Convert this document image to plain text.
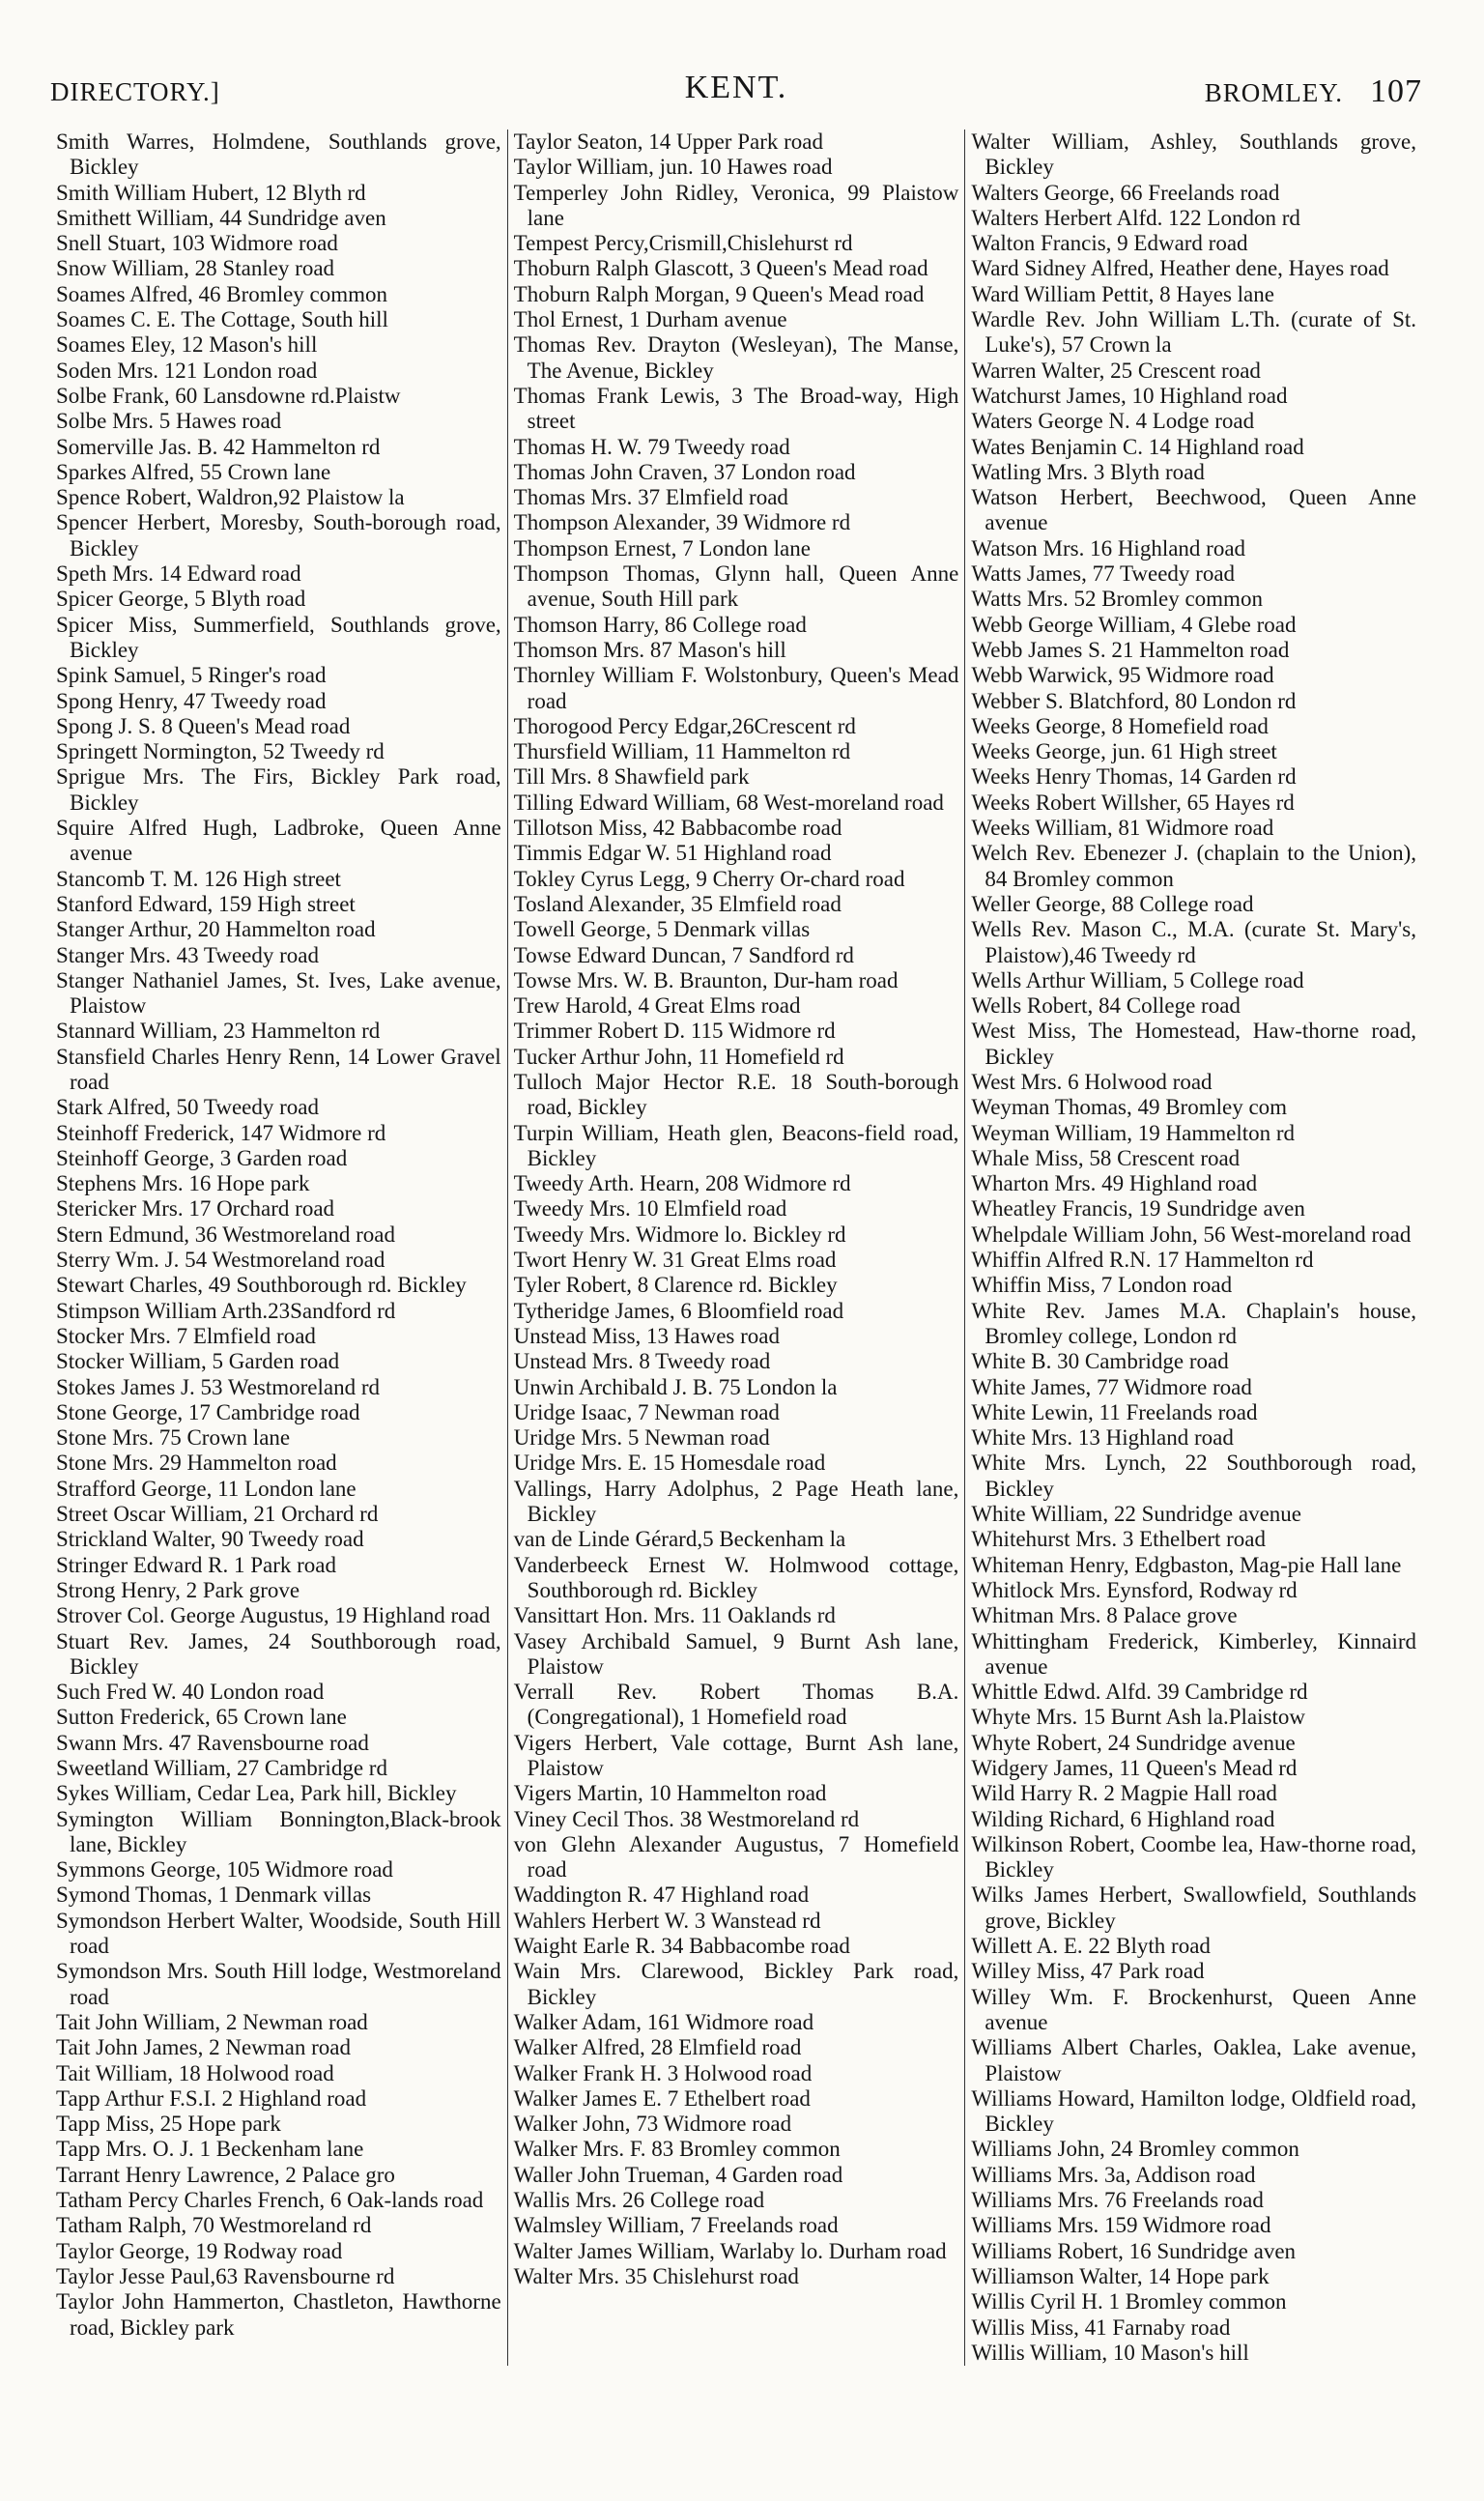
DIRECTORY.]	KENT.	BROMLEY. 107
Smith Warres, Holmdene, Southlands grove, Bickley
Smith William Hubert, 12 Blyth rd
Smithett William, 44 Sundridge aven
Snell Stuart, 103 Widmore road
Snow William, 28 Stanley road
Soames Alfred, 46 Bromley common
Soames C. E. The Cottage, South hill
Soames Eley, 12 Mason's hill
Soden Mrs. 121 London road
Solbe Frank, 60 Lansdowne rd.Plaistw
Solbe Mrs. 5 Hawes road
Somerville Jas. B. 42 Hammelton rd
Sparkes Alfred, 55 Crown lane
Spence Robert, Waldron,92 Plaistow la
Spencer Herbert, Moresby, South-borough road, Bickley
Speth Mrs. 14 Edward road
Spicer George, 5 Blyth road
Spicer Miss, Summerfield, Southlands grove, Bickley
Spink Samuel, 5 Ringer's road
Spong Henry, 47 Tweedy road
Spong J. S. 8 Queen's Mead road
Springett Normington, 52 Tweedy rd
Sprigue Mrs. The Firs, Bickley Park road, Bickley
Squire Alfred Hugh, Ladbroke, Queen Anne avenue
Stancomb T. M. 126 High street
Stanford Edward, 159 High street
Stanger Arthur, 20 Hammelton road
Stanger Mrs. 43 Tweedy road
Stanger Nathaniel James, St. Ives, Lake avenue, Plaistow
Stannard William, 23 Hammelton rd
Stansfield Charles Henry Renn, 14 Lower Gravel road
Stark Alfred, 50 Tweedy road
Steinhoff Frederick, 147 Widmore rd
Steinhoff George, 3 Garden road
Stephens Mrs. 16 Hope park
Stericker Mrs. 17 Orchard road
Stern Edmund, 36 Westmoreland road
Sterry Wm. J. 54 Westmoreland road
Stewart Charles, 49 Southborough rd. Bickley
Stimpson William Arth.23Sandford rd
Stocker Mrs. 7 Elmfield road
Stocker William, 5 Garden road
Stokes James J. 53 Westmoreland rd
Stone George, 17 Cambridge road
Stone Mrs. 75 Crown lane
Stone Mrs. 29 Hammelton road
Strafford George, 11 London lane
Street Oscar William, 21 Orchard rd
Strickland Walter, 90 Tweedy road
Stringer Edward R. 1 Park road
Strong Henry, 2 Park grove
Strover Col. George Augustus, 19 Highland road
Stuart Rev. James, 24 Southborough road, Bickley
Such Fred W. 40 London road
Sutton Frederick, 65 Crown lane
Swann Mrs. 47 Ravensbourne road
Sweetland William, 27 Cambridge rd
Sykes William, Cedar Lea, Park hill, Bickley
Symington William Bonnington,Black-brook lane, Bickley
Symmons George, 105 Widmore road
Symond Thomas, 1 Denmark villas
Symondson Herbert Walter, Woodside, South Hill road
Symondson Mrs. South Hill lodge, Westmoreland road
Tait John William, 2 Newman road
Tait John James, 2 Newman road
Tait William, 18 Holwood road
Tapp Arthur F.S.I. 2 Highland road
Tapp Miss, 25 Hope park
Tapp Mrs. O. J. 1 Beckenham lane
Tarrant Henry Lawrence, 2 Palace gro
Tatham Percy Charles French, 6 Oak-lands road
Tatham Ralph, 70 Westmoreland rd
Taylor George, 19 Rodway road
Taylor Jesse Paul,63 Ravensbourne rd
Taylor John Hammerton, Chastleton, Hawthorne road, Bickley park
Taylor Seaton, 14 Upper Park road
Taylor William, jun. 10 Hawes road
Temperley John Ridley, Veronica, 99 Plaistow lane
Tempest Percy,Crismill,Chislehurst rd
Thoburn Ralph Glascott, 3 Queen's Mead road
Thoburn Ralph Morgan, 9 Queen's Mead road
Thol Ernest, 1 Durham avenue
Thomas Rev. Drayton (Wesleyan), The Manse, The Avenue, Bickley
Thomas Frank Lewis, 3 The Broad-way, High street
Thomas H. W. 79 Tweedy road
Thomas John Craven, 37 London road
Thomas Mrs. 37 Elmfield road
Thompson Alexander, 39 Widmore rd
Thompson Ernest, 7 London lane
Thompson Thomas, Glynn hall, Queen Anne avenue, South Hill park
Thomson Harry, 86 College road
Thomson Mrs. 87 Mason's hill
Thornley William F. Wolstonbury, Queen's Mead road
Thorogood Percy Edgar,26Crescent rd
Thursfield William, 11 Hammelton rd
Till Mrs. 8 Shawfield park
Tilling Edward William, 68 West-moreland road
Tillotson Miss, 42 Babbacombe road
Timmis Edgar W. 51 Highland road
Tokley Cyrus Legg, 9 Cherry Or-chard road
Tosland Alexander, 35 Elmfield road
Towell George, 5 Denmark villas
Towse Edward Duncan, 7 Sandford rd
Towse Mrs. W. B. Braunton, Dur-ham road
Trew Harold, 4 Great Elms road
Trimmer Robert D. 115 Widmore rd
Tucker Arthur John, 11 Homefield rd
Tulloch Major Hector R.E. 18 South-borough road, Bickley
Turpin William, Heath glen, Beacons-field road, Bickley
Tweedy Arth. Hearn, 208 Widmore rd
Tweedy Mrs. 10 Elmfield road
Tweedy Mrs. Widmore lo. Bickley rd
Twort Henry W. 31 Great Elms road
Tyler Robert, 8 Clarence rd. Bickley
Tytheridge James, 6 Bloomfield road
Unstead Miss, 13 Hawes road
Unstead Mrs. 8 Tweedy road
Unwin Archibald J. B. 75 London la
Uridge Isaac, 7 Newman road
Uridge Mrs. 5 Newman road
Uridge Mrs. E. 15 Homesdale road
Vallings, Harry Adolphus, 2 Page Heath lane, Bickley
van de Linde Gérard,5 Beckenham la
Vanderbeeck Ernest W. Holmwood cottage, Southborough rd. Bickley
Vansittart Hon. Mrs. 11 Oaklands rd
Vasey Archibald Samuel, 9 Burnt Ash lane, Plaistow
Verrall Rev. Robert Thomas B.A. (Congregational), 1 Homefield road
Vigers Herbert, Vale cottage, Burnt Ash lane, Plaistow
Vigers Martin, 10 Hammelton road
Viney Cecil Thos. 38 Westmoreland rd
von Glehn Alexander Augustus, 7 Homefield road
Waddington R. 47 Highland road
Wahlers Herbert W. 3 Wanstead rd
Waight Earle R. 34 Babbacombe road
Wain Mrs. Clarewood, Bickley Park road, Bickley
Walker Adam, 161 Widmore road
Walker Alfred, 28 Elmfield road
Walker Frank H. 3 Holwood road
Walker James E. 7 Ethelbert road
Walker John, 73 Widmore road
Walker Mrs. F. 83 Bromley common
Waller John Trueman, 4 Garden road
Wallis Mrs. 26 College road
Walmsley William, 7 Freelands road
Walter James William, Warlaby lo. Durham road
Walter Mrs. 35 Chislehurst road
Walter William, Ashley, Southlands grove, Bickley
Walters George, 66 Freelands road
Walters Herbert Alfd. 122 London rd
Walton Francis, 9 Edward road
Ward Sidney Alfred, Heather dene, Hayes road
Ward William Pettit, 8 Hayes lane
Wardle Rev. John William L.Th. (curate of St. Luke's), 57 Crown la
Warren Walter, 25 Crescent road
Watchurst James, 10 Highland road
Waters George N. 4 Lodge road
Wates Benjamin C. 14 Highland road
Watling Mrs. 3 Blyth road
Watson Herbert, Beechwood, Queen Anne avenue
Watson Mrs. 16 Highland road
Watts James, 77 Tweedy road
Watts Mrs. 52 Bromley common
Webb George William, 4 Glebe road
Webb James S. 21 Hammelton road
Webb Warwick, 95 Widmore road
Webber S. Blatchford, 80 London rd
Weeks George, 8 Homefield road
Weeks George, jun. 61 High street
Weeks Henry Thomas, 14 Garden rd
Weeks Robert Willsher, 65 Hayes rd
Weeks William, 81 Widmore road
Welch Rev. Ebenezer J. (chaplain to the Union), 84 Bromley common
Weller George, 88 College road
Wells Rev. Mason C., M.A. (curate St. Mary's, Plaistow),46 Tweedy rd
Wells Arthur William, 5 College road
Wells Robert, 84 College road
West Miss, The Homestead, Haw-thorne road, Bickley
West Mrs. 6 Holwood road
Weyman Thomas, 49 Bromley com
Weyman William, 19 Hammelton rd
Whale Miss, 58 Crescent road
Wharton Mrs. 49 Highland road
Wheatley Francis, 19 Sundridge aven
Whelpdale William John, 56 West-moreland road
Whiffin Alfred R.N. 17 Hammelton rd
Whiffin Miss, 7 London road
White Rev. James M.A. Chaplain's house, Bromley college, London rd
White B. 30 Cambridge road
White James, 77 Widmore road
White Lewin, 11 Freelands road
White Mrs. 13 Highland road
White Mrs. Lynch, 22 Southborough road, Bickley
White William, 22 Sundridge avenue
Whitehurst Mrs. 3 Ethelbert road
Whiteman Henry, Edgbaston, Mag-pie Hall lane
Whitlock Mrs. Eynsford, Rodway rd
Whitman Mrs. 8 Palace grove
Whittingham Frederick, Kimberley, Kinnaird avenue
Whittle Edwd. Alfd. 39 Cambridge rd
Whyte Mrs. 15 Burnt Ash la.Plaistow
Whyte Robert, 24 Sundridge avenue
Widgery James, 11 Queen's Mead rd
Wild Harry R. 2 Magpie Hall road
Wilding Richard, 6 Highland road
Wilkinson Robert, Coombe lea, Haw-thorne road, Bickley
Wilks James Herbert, Swallowfield, Southlands grove, Bickley
Willett A. E. 22 Blyth road
Willey Miss, 47 Park road
Willey Wm. F. Brockenhurst, Queen Anne avenue
Williams Albert Charles, Oaklea, Lake avenue, Plaistow
Williams Howard, Hamilton lodge, Oldfield road, Bickley
Williams John, 24 Bromley common
Williams Mrs. 3a, Addison road
Williams Mrs. 76 Freelands road
Williams Mrs. 159 Widmore road
Williams Robert, 16 Sundridge aven
Williamson Walter, 14 Hope park
Willis Cyril H. 1 Bromley common
Willis Miss, 41 Farnaby road
Willis William, 10 Mason's hill
